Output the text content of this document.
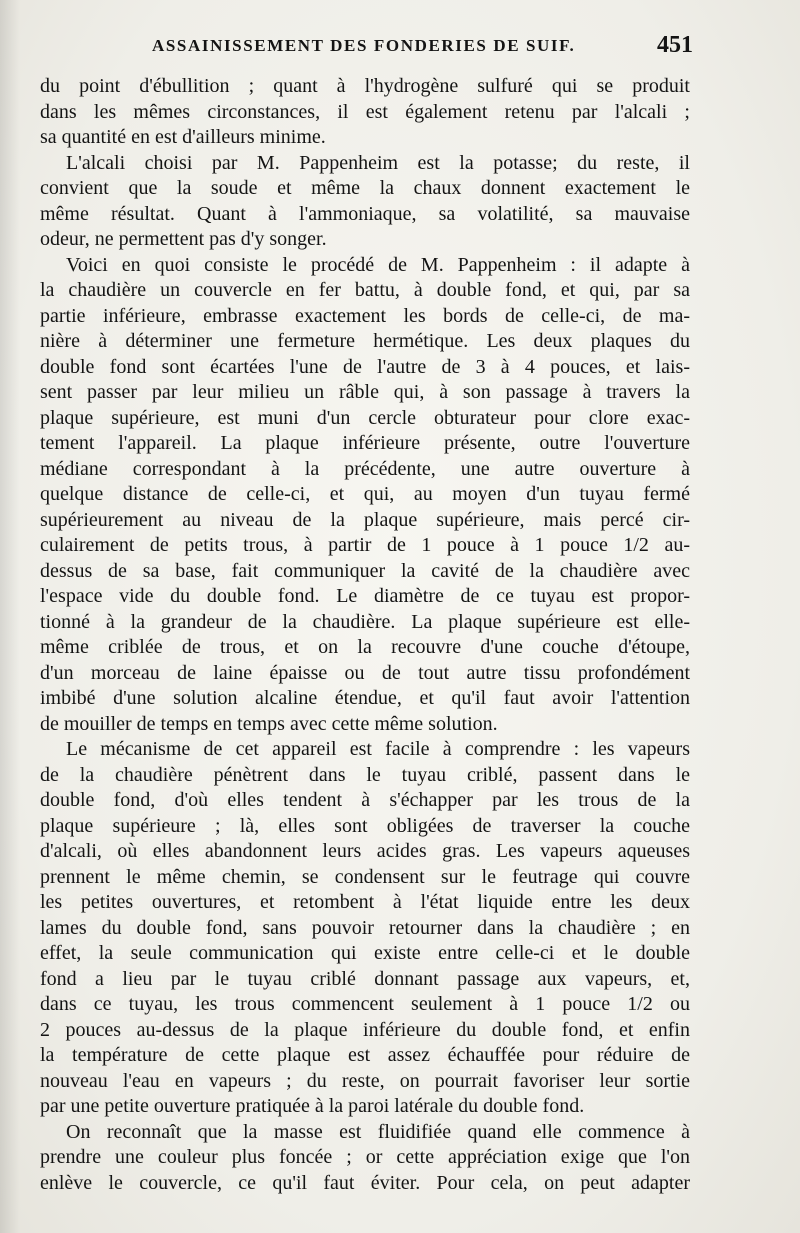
ASSAINISSEMENT DES FONDERIES DE SUIF.	451
du point d'ébullition ; quant à l'hydrogène sulfuré qui se produit
dans les mêmes circonstances, il est également retenu par l'alcali ;
sa quantité en est d'ailleurs minime.
L'alcali choisi par M. Pappenheim est la potasse; du reste, il
convient que la soude et même la chaux donnent exactement le
même résultat. Quant à l'ammoniaque, sa volatilité, sa mauvaise
odeur, ne permettent pas d'y songer.
Voici en quoi consiste le procédé de M. Pappenheim : il adapte à
la chaudière un couvercle en fer battu, à double fond, et qui, par sa
partie inférieure, embrasse exactement les bords de celle-ci, de ma-
nière à déterminer une fermeture hermétique. Les deux plaques du
double fond sont écartées l'une de l'autre de 3 à 4 pouces, et lais-
sent passer par leur milieu un râble qui, à son passage à travers la
plaque supérieure, est muni d'un cercle obturateur pour clore exac-
tement l'appareil. La plaque inférieure présente, outre l'ouverture
médiane correspondant à la précédente, une autre ouverture à
quelque distance de celle-ci, et qui, au moyen d'un tuyau fermé
supérieurement au niveau de la plaque supérieure, mais percé cir-
culairement de petits trous, à partir de 1 pouce à 1 pouce 1/2 au-
dessus de sa base, fait communiquer la cavité de la chaudière avec
l'espace vide du double fond. Le diamètre de ce tuyau est propor-
tionné à la grandeur de la chaudière. La plaque supérieure est elle-
même criblée de trous, et on la recouvre d'une couche d'étoupe,
d'un morceau de laine épaisse ou de tout autre tissu profondément
imbibé d'une solution alcaline étendue, et qu'il faut avoir l'attention
de mouiller de temps en temps avec cette même solution.
Le mécanisme de cet appareil est facile à comprendre : les vapeurs
de la chaudière pénètrent dans le tuyau criblé, passent dans le
double fond, d'où elles tendent à s'échapper par les trous de la
plaque supérieure ; là, elles sont obligées de traverser la couche
d'alcali, où elles abandonnent leurs acides gras. Les vapeurs aqueuses
prennent le même chemin, se condensent sur le feutrage qui couvre
les petites ouvertures, et retombent à l'état liquide entre les deux
lames du double fond, sans pouvoir retourner dans la chaudière ; en
effet, la seule communication qui existe entre celle-ci et le double
fond a lieu par le tuyau criblé donnant passage aux vapeurs, et,
dans ce tuyau, les trous commencent seulement à 1 pouce 1/2 ou
2 pouces au-dessus de la plaque inférieure du double fond, et enfin
la température de cette plaque est assez échauffée pour réduire de
nouveau l'eau en vapeurs ; du reste, on pourrait favoriser leur sortie
par une petite ouverture pratiquée à la paroi latérale du double fond.
On reconnaît que la masse est fluidifiée quand elle commence à
prendre une couleur plus foncée ; or cette appréciation exige que l'on
enlève le couvercle, ce qu'il faut éviter. Pour cela, on peut adapter
